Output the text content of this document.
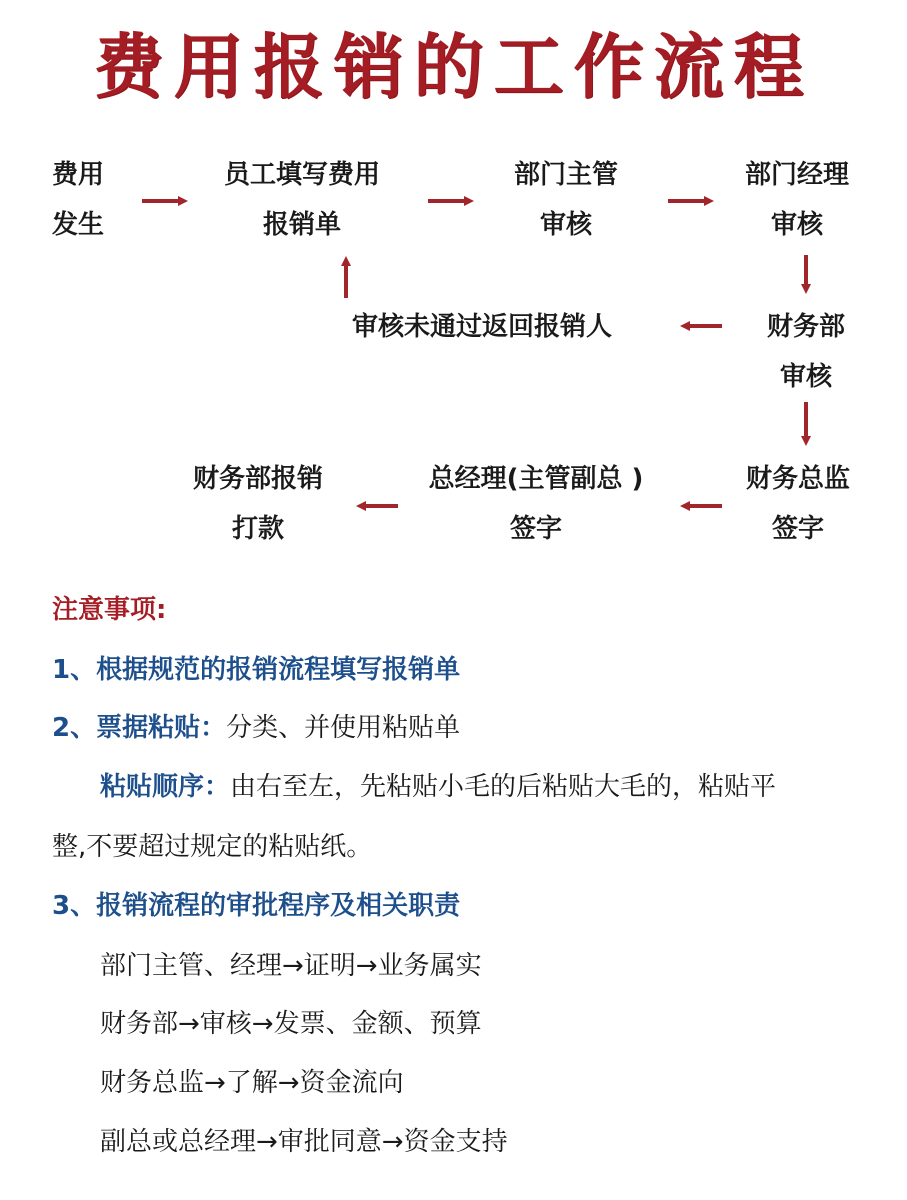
费用报销的工作流程
费用
发生
员工填写费用
报销单
部门主管
审核
部门经理
审核
审核未通过返回报销人	财务部
审核
财务总监
签字
总经理(主管副总 )
签字
财务部报销
打款
注意事项:
1、根据规范的报销流程填写报销单
2、票据粘贴：分类、并使用粘贴单
粘贴顺序：由右至左，先粘贴小毛的后粘贴大毛的，粘贴平
整,不要超过规定的粘贴纸。
3、报销流程的审批程序及相关职责
部门主管、经理→证明→业务属实
财务部→审核→发票、金额、预算
财务总监→了解→资金流向
副总或总经理→审批同意→资金支持
